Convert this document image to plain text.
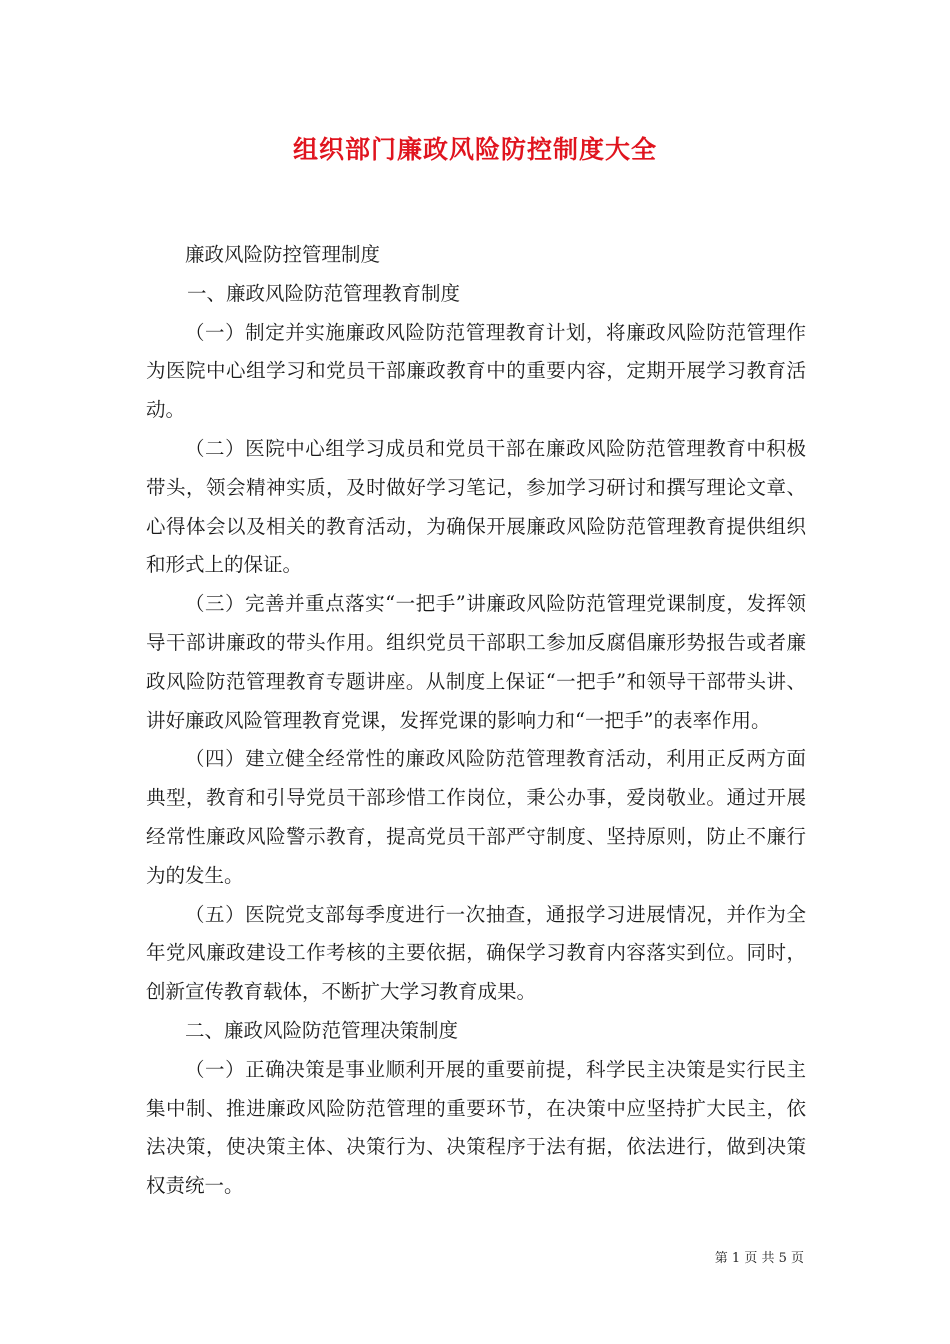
组织部门廉政风险防控制度大全

廉政风险防控管理制度

一、廉政风险防范管理教育制度

（一）制定并实施廉政风险防范管理教育计划，将廉政风险防范管理作为医院中心组学习和党员干部廉政教育中的重要内容，定期开展学习教育活动。

（二）医院中心组学习成员和党员干部在廉政风险防范管理教育中积极带头，领会精神实质，及时做好学习笔记，参加学习研讨和撰写理论文章、心得体会以及相关的教育活动，为确保开展廉政风险防范管理教育提供组织和形式上的保证。

（三）完善并重点落实“一把手”讲廉政风险防范管理党课制度，发挥领导干部讲廉政的带头作用。组织党员干部职工参加反腐倡廉形势报告或者廉政风险防范管理教育专题讲座。从制度上保证“一把手”和领导干部带头讲、讲好廉政风险管理教育党课，发挥党课的影响力和“一把手”的表率作用。

（四）建立健全经常性的廉政风险防范管理教育活动，利用正反两方面典型，教育和引导党员干部珍惜工作岗位，秉公办事，爱岗敬业。通过开展经常性廉政风险警示教育，提高党员干部严守制度、坚持原则，防止不廉行为的发生。

（五）医院党支部每季度进行一次抽查，通报学习进展情况，并作为全年党风廉政建设工作考核的主要依据，确保学习教育内容落实到位。同时，创新宣传教育载体，不断扩大学习教育成果。

二、廉政风险防范管理决策制度

（一）正确决策是事业顺利开展的重要前提，科学民主决策是实行民主集中制、推进廉政风险防范管理的重要环节，在决策中应坚持扩大民主，依法决策，使决策主体、决策行为、决策程序于法有据，依法进行，做到决策权责统一。

第 1 页 共 5 页
